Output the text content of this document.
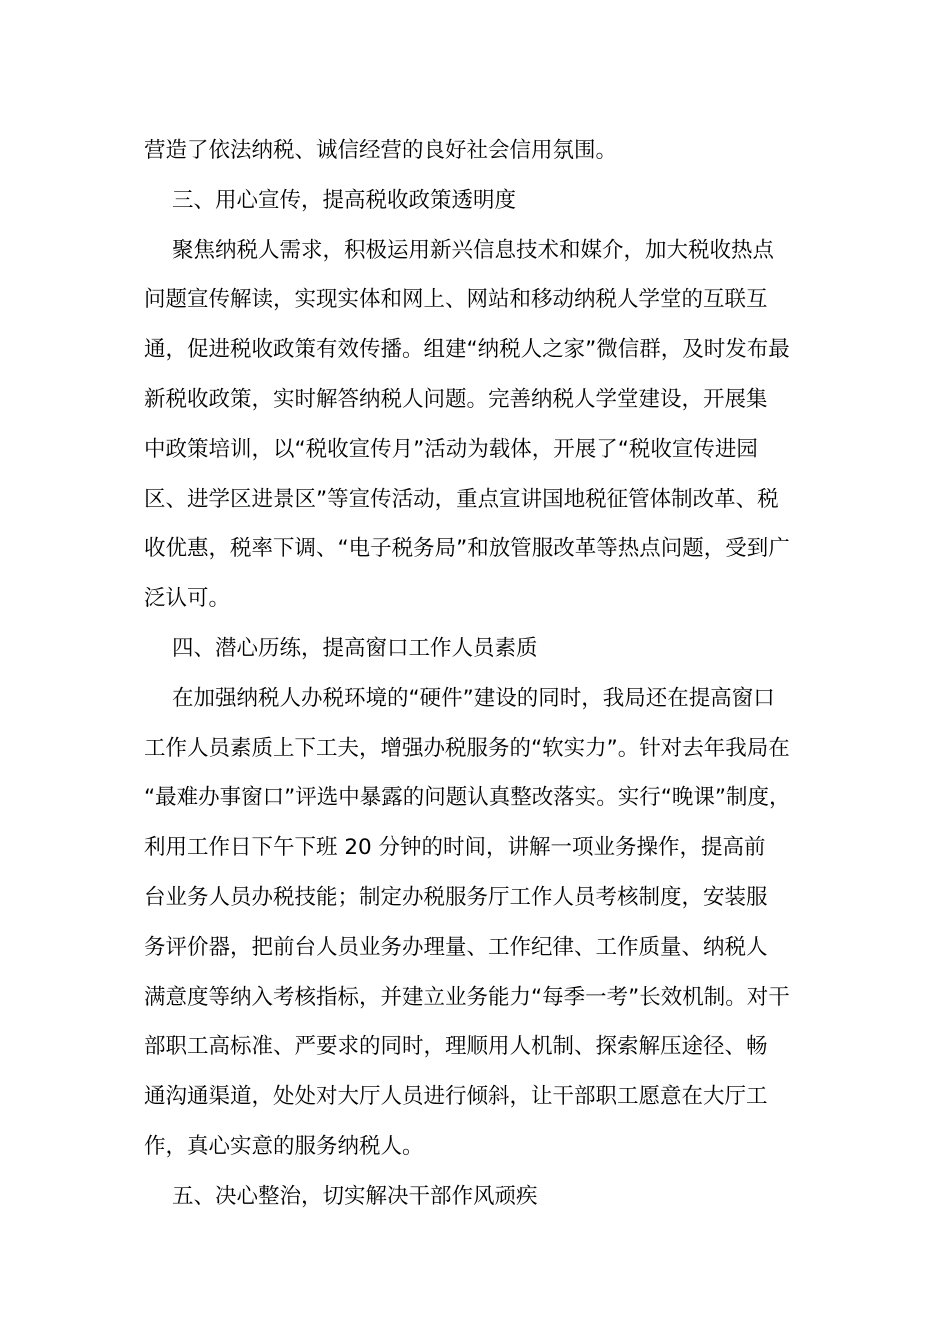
营造了依法纳税、诚信经营的良好社会信用氛围。
三、用心宣传，提高税收政策透明度
聚焦纳税人需求，积极运用新兴信息技术和媒介，加大税收热点
问题宣传解读，实现实体和网上、网站和移动纳税人学堂的互联互
通，促进税收政策有效传播。组建“纳税人之家”微信群，及时发布最
新税收政策，实时解答纳税人问题。完善纳税人学堂建设，开展集
中政策培训，以“税收宣传月”活动为载体，开展了“税收宣传进园
区、进学区进景区”等宣传活动，重点宣讲国地税征管体制改革、税
收优惠，税率下调、“电子税务局”和放管服改革等热点问题，受到广
泛认可。
四、潜心历练，提高窗口工作人员素质
在加强纳税人办税环境的“硬件”建设的同时，我局还在提高窗口
工作人员素质上下工夫，增强办税服务的“软实力”。针对去年我局在
“最难办事窗口”评选中暴露的问题认真整改落实。实行“晚课”制度，
利用工作日下午下班 20 分钟的时间，讲解一项业务操作，提高前
台业务人员办税技能；制定办税服务厅工作人员考核制度，安装服
务评价器，把前台人员业务办理量、工作纪律、工作质量、纳税人
满意度等纳入考核指标，并建立业务能力“每季一考”长效机制。对干
部职工高标准、严要求的同时，理顺用人机制、探索解压途径、畅
通沟通渠道，处处对大厅人员进行倾斜，让干部职工愿意在大厅工
作，真心实意的服务纳税人。
五、决心整治，切实解决干部作风顽疾
